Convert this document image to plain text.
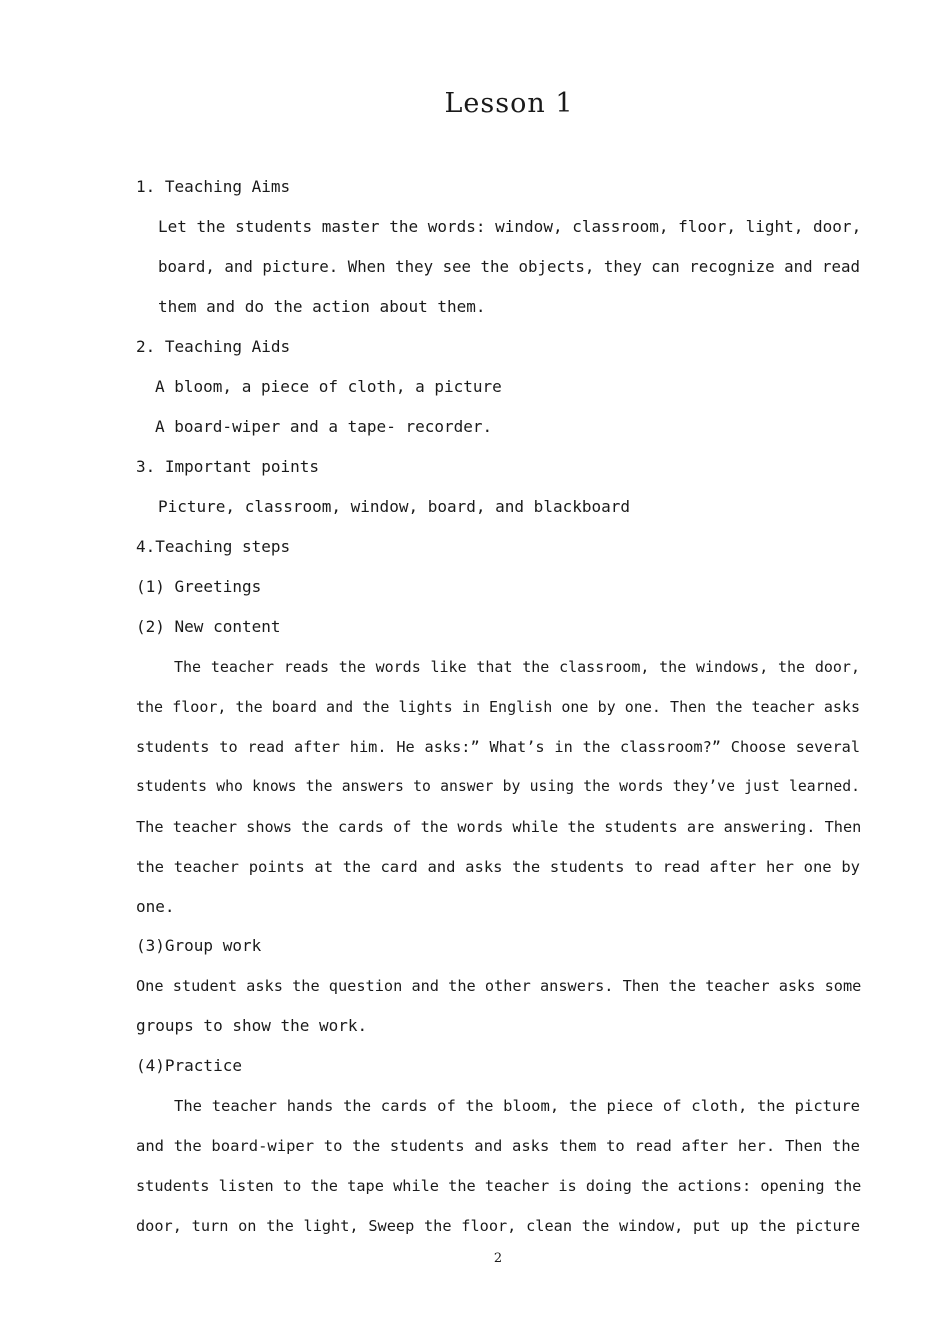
Lesson 1
1. Teaching Aims
Let the students master the words: window, classroom, floor, light, door,
board, and picture. When they see the objects, they can recognize and read
them and do the action about them.
2. Teaching Aids
A bloom, a piece of cloth, a picture
A board-wiper and a tape- recorder.
3. Important points
Picture, classroom, window, board, and blackboard
4.Teaching steps
(1) Greetings
(2) New content
The teacher reads the words like that the classroom, the windows, the door,
the floor, the board and the lights in English one by one. Then the teacher asks
students to read after him. He asks:” What’s in the classroom?” Choose several
students who knows the answers to answer by using the words they’ve just learned.
The teacher shows the cards of the words while the students are answering. Then
the teacher points at the card and asks the students to read after her one by
one.
(3)Group work
One student asks the question and the other answers. Then the teacher asks some
groups to show the work.
(4)Practice
The teacher hands the cards of the bloom, the piece of cloth, the picture
and the board-wiper to the students and asks them to read after her. Then the
students listen to the tape while the teacher is doing the actions: opening the
door, turn on the light, Sweep the floor, clean the window, put up the picture
2
